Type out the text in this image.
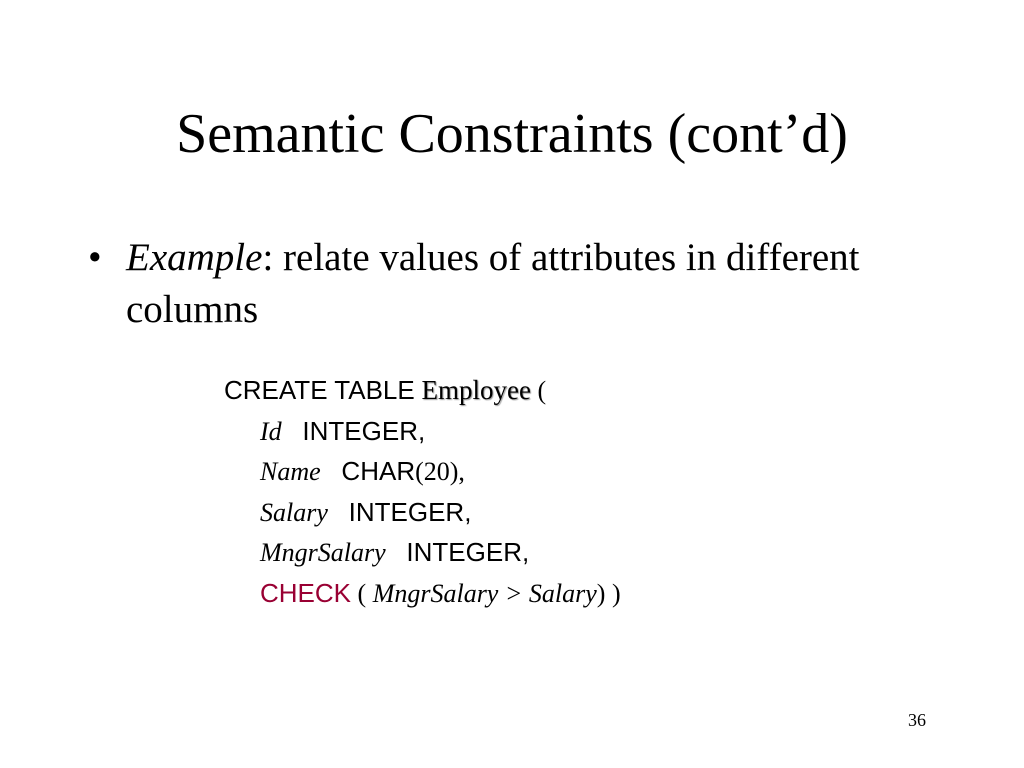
Semantic Constraints (cont’d)
• Example: relate values of attributes in different columns
CREATE TABLE Employee (
Id INTEGER,
Name CHAR(20),
Salary INTEGER,
MngrSalary INTEGER,
CHECK ( MngrSalary > Salary) )
36
